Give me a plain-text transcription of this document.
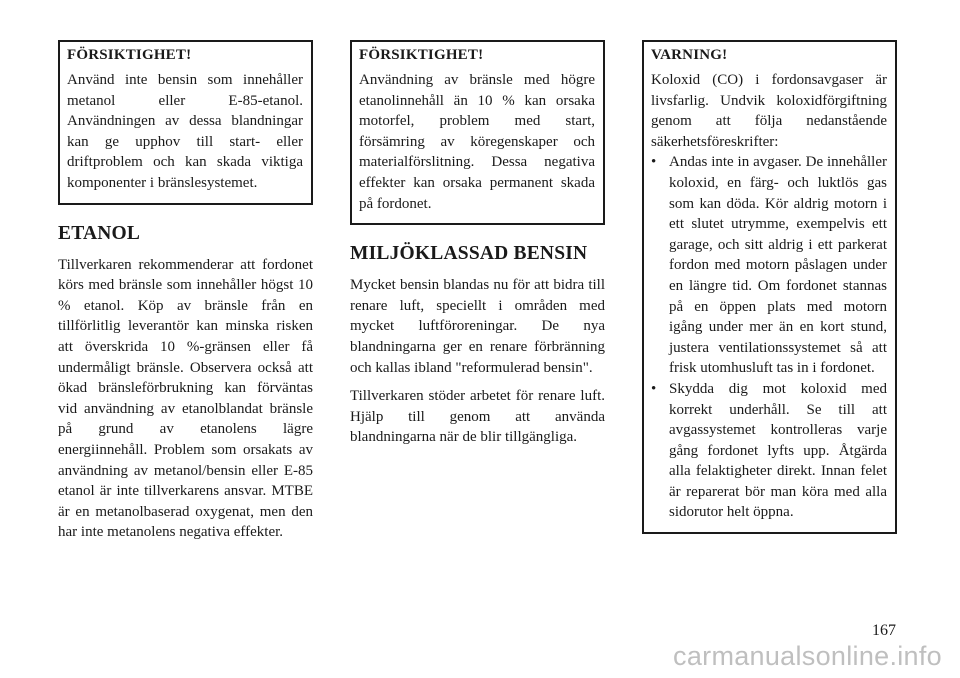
FÖRSIKTIGHET!

Använd inte bensin som innehåller metanol eller E-85-etanol. Användningen av dessa blandningar kan ge upphov till start- eller driftproblem och kan skada viktiga komponenter i bränslesystemet.

ETANOL

Tillverkaren rekommenderar att fordonet körs med bränsle som innehåller högst 10 % etanol. Köp av bränsle från en tillförlitlig leverantör kan minska risken att överskrida 10 %-gränsen eller få undermåligt bränsle. Observera också att ökad bränsleförbrukning kan förväntas vid användning av etanolblandat bränsle på grund av etanolens lägre energiinnehåll. Problem som orsakats av användning av metanol/bensin eller E-85 etanol är inte tillverkarens ansvar. MTBE är en metanolbaserad oxygenat, men den har inte metanolens negativa effekter.

FÖRSIKTIGHET!

Användning av bränsle med högre etanolinnehåll än 10 % kan orsaka motorfel, problem med start, försämring av köregenskaper och materialförslitning. Dessa negativa effekter kan orsaka permanent skada på fordonet.

MILJÖKLASSAD BENSIN

Mycket bensin blandas nu för att bidra till renare luft, speciellt i områden med mycket luftföroreningar. De nya blandningarna ger en renare förbränning och kallas ibland "reformulerad bensin".

Tillverkaren stöder arbetet för renare luft. Hjälp till genom att använda blandningarna när de blir tillgängliga.

VARNING!

Koloxid (CO) i fordonsavgaser är livsfarlig. Undvik koloxidförgiftning genom att följa nedanstående säkerhetsföreskrifter:

• Andas inte in avgaser. De innehåller koloxid, en färg- och luktlös gas som kan döda. Kör aldrig motorn i ett slutet utrymme, exempelvis ett garage, och sitt aldrig i ett parkerat fordon med motorn påslagen under en längre tid. Om fordonet stannas på en öppen plats med motorn igång under mer än en kort stund, justera ventilationssystemet så att frisk utomhusluft tas in i fordonet.
• Skydda dig mot koloxid med korrekt underhåll. Se till att avgassystemet kontrolleras varje gång fordonet lyfts upp. Åtgärda alla felaktigheter direkt. Innan felet är reparerat bör man köra med alla sidorutor helt öppna.
167
carmanualsonline.info
